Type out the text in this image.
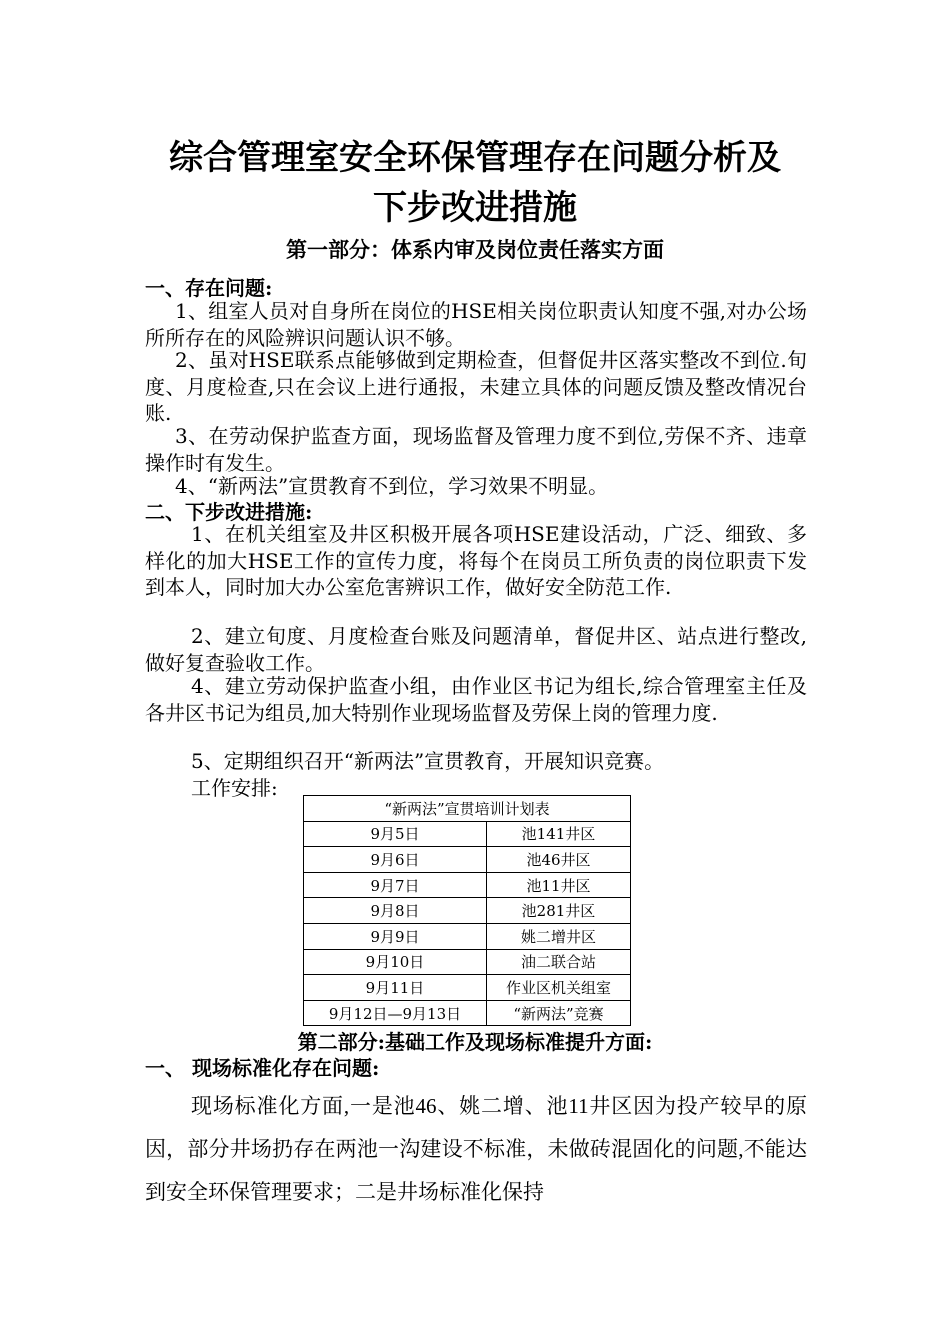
综合管理室安全环保管理存在问题分析及
下步改进措施
第一部分：体系内审及岗位责任落实方面
一、存在问题:

1、组室人员对自身所在岗位的HSE相关岗位职责认知度不强,对办公场所所存在的风险辨识问题认识不够。

2、虽对HSE联系点能够做到定期检查，但督促井区落实整改不到位.旬度、月度检查,只在会议上进行通报，未建立具体的问题反馈及整改情况台账.

3、在劳动保护监查方面，现场监督及管理力度不到位,劳保不齐、违章操作时有发生。

4、“新两法”宣贯教育不到位，学习效果不明显。

二、下步改进措施:

1、在机关组室及井区积极开展各项HSE建设活动，广泛、细致、多样化的加大HSE工作的宣传力度，将每个在岗员工所负责的岗位职责下发到本人，同时加大办公室危害辨识工作，做好安全防范工作.

2、建立旬度、月度检查台账及问题清单，督促井区、站点进行整改,做好复查验收工作。

4、建立劳动保护监查小组，由作业区书记为组长,综合管理室主任及各井区书记为组员,加大特别作业现场监督及劳保上岗的管理力度.

5、定期组织召开“新两法”宣贯教育，开展知识竞赛。

工作安排:
“新两法”宣贯培训计划表	
9月5日	池141井区
9月6日	池46井区
9月7日	池11井区
9月8日	池281井区
9月9日	姚二增井区
9月10日	油二联合站
9月11日	作业区机关组室
9月12日—9月13日	“新两法”竞赛
第二部分:基础工作及现场标准提升方面:
一、 现场标准化存在问题:

现场标准化方面,一是池46、姚二增、池11井区因为投产较早的原因，部分井场扔存在两池一沟建设不标准，未做砖混固化的问题,不能达到安全环保管理要求；二是井场标准化保持
